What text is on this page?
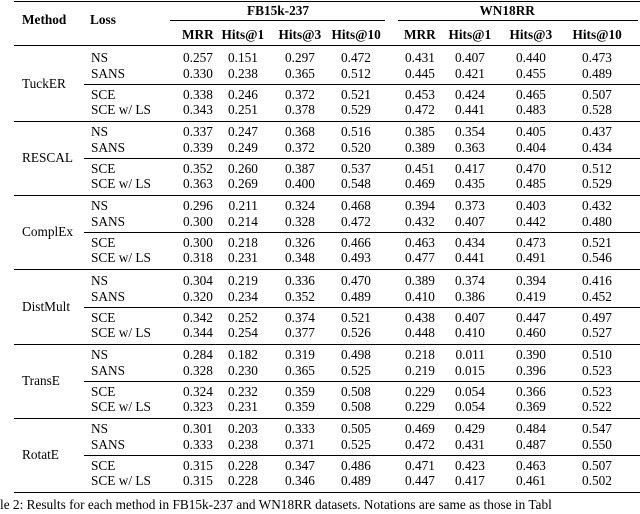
Method Loss
FB15k-237	WN18RR
MRR Hits@1 Hits@3 Hits@10 MRR Hits@1 Hits@3 Hits@10
TuckER
NS	0.257 0.151 0.297 0.472	0.431 0.407 0.440	0.473
SANS	0.330 0.238 0.365 0.512	0.445 0.421 0.455	0.489
SCE	0.338 0.246 0.372 0.521	0.453 0.424 0.465	0.507
SCE w/ LS 0.343 0.251 0.378 0.529	0.472 0.441 0.483	0.528
RESCAL
NS	0.337 0.247 0.368 0.516	0.385 0.354 0.405	0.437
SANS	0.339 0.249 0.372 0.520	0.389 0.363 0.404	0.434
SCE	0.352 0.260 0.387 0.537	0.451 0.417 0.470	0.512
SCE w/ LS 0.363 0.269 0.400 0.548	0.469 0.435 0.485	0.529
ComplEx
NS	0.296 0.211 0.324 0.468	0.394 0.373 0.403	0.432
SANS	0.300 0.214 0.328 0.472	0.432 0.407 0.442	0.480
SCE	0.300 0.218 0.326 0.466	0.463 0.434 0.473	0.521
SCE w/ LS 0.318 0.231 0.348 0.493	0.477 0.441 0.491	0.546
DistMult
NS	0.304 0.219 0.336 0.470	0.389 0.374 0.394	0.416
SANS	0.320 0.234 0.352 0.489	0.410 0.386 0.419	0.452
SCE	0.342 0.252 0.374 0.521	0.438 0.407 0.447	0.497
SCE w/ LS 0.344 0.254 0.377 0.526	0.448 0.410 0.460	0.527
TransE
NS	0.284 0.182 0.319 0.498	0.218 0.011 0.390	0.510
SANS	0.328 0.230 0.365 0.525	0.219 0.015 0.396	0.523
SCE	0.324 0.232 0.359 0.508	0.229 0.054 0.366	0.523
SCE w/ LS 0.323 0.231 0.359 0.508	0.229 0.054 0.369	0.522
RotatE
NS	0.301 0.203 0.333 0.505	0.469 0.429 0.484	0.547
SANS	0.333 0.238 0.371 0.525	0.472 0.431 0.487	0.550
SCE	0.315 0.228 0.347 0.486	0.471 0.423 0.463	0.507
SCE w/ LS 0.315 0.228 0.346 0.489	0.447 0.417 0.461	0.502
le 2: Results for each method in FB15k-237 and WN18RR datasets. Notations are same as those in Tabl
